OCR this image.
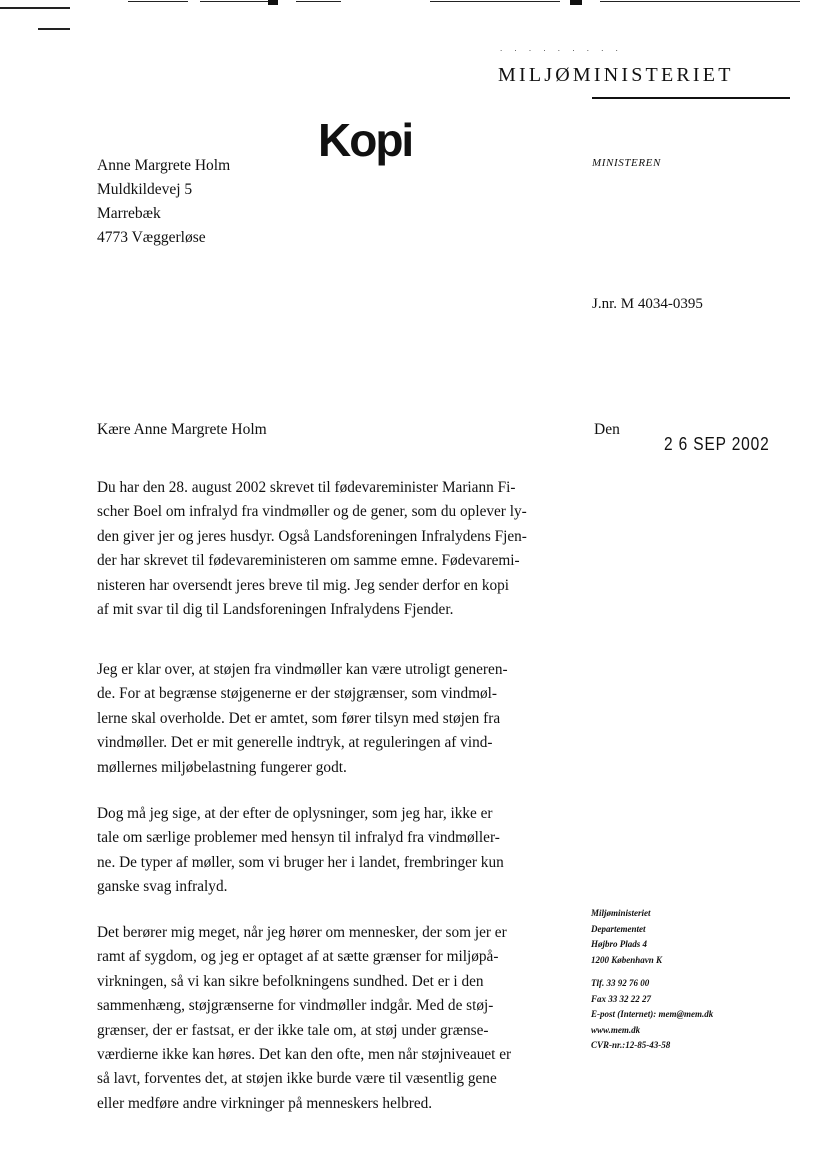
· · · · · · · · ·
MILJØMINISTERIET
Kopi	MINISTEREN
Anne Margrete Holm
Muldkildevej 5
Marrebæk
4773 Væggerløse
J.nr. M 4034-0395
Kære Anne Margrete Holm	Den
2 6 SEP 2002
Du har den 28. august 2002 skrevet til fødevareminister Mariann Fi-
scher Boel om infralyd fra vindmøller og de gener, som du oplever ly-
den giver jer og jeres husdyr. Også Landsforeningen Infralydens Fjen-
der har skrevet til fødevareministeren om samme emne. Fødevaremi-
nisteren har oversendt jeres breve til mig. Jeg sender derfor en kopi
af mit svar til dig til Landsforeningen Infralydens Fjender.
Jeg er klar over, at støjen fra vindmøller kan være utroligt generen-
de. For at begrænse støjgenerne er der støjgrænser, som vindmøl-
lerne skal overholde. Det er amtet, som fører tilsyn med støjen fra
vindmøller. Det er mit generelle indtryk, at reguleringen af vind-
møllernes miljøbelastning fungerer godt.
Dog må jeg sige, at der efter de oplysninger, som jeg har, ikke er
tale om særlige problemer med hensyn til infralyd fra vindmøller-
ne. De typer af møller, som vi bruger her i landet, frembringer kun
ganske svag infralyd.
Det berører mig meget, når jeg hører om mennesker, der som jer er
ramt af sygdom, og jeg er optaget af at sætte grænser for miljøpå-
virkningen, så vi kan sikre befolkningens sundhed. Det er i den
sammenhæng, støjgrænserne for vindmøller indgår. Med de støj-
grænser, der er fastsat, er der ikke tale om, at støj under grænse-
værdierne ikke kan høres. Det kan den ofte, men når støjniveauet er
så lavt, forventes det, at støjen ikke burde være til væsentlig gene
eller medføre andre virkninger på menneskers helbred.
Miljøministeriet
Departementet
Højbro Plads 4
1200 København K
Tlf. 33 92 76 00
Fax 33 32 22 27
E-post (Internet): mem@mem.dk
www.mem.dk
CVR-nr.:12-85-43-58
